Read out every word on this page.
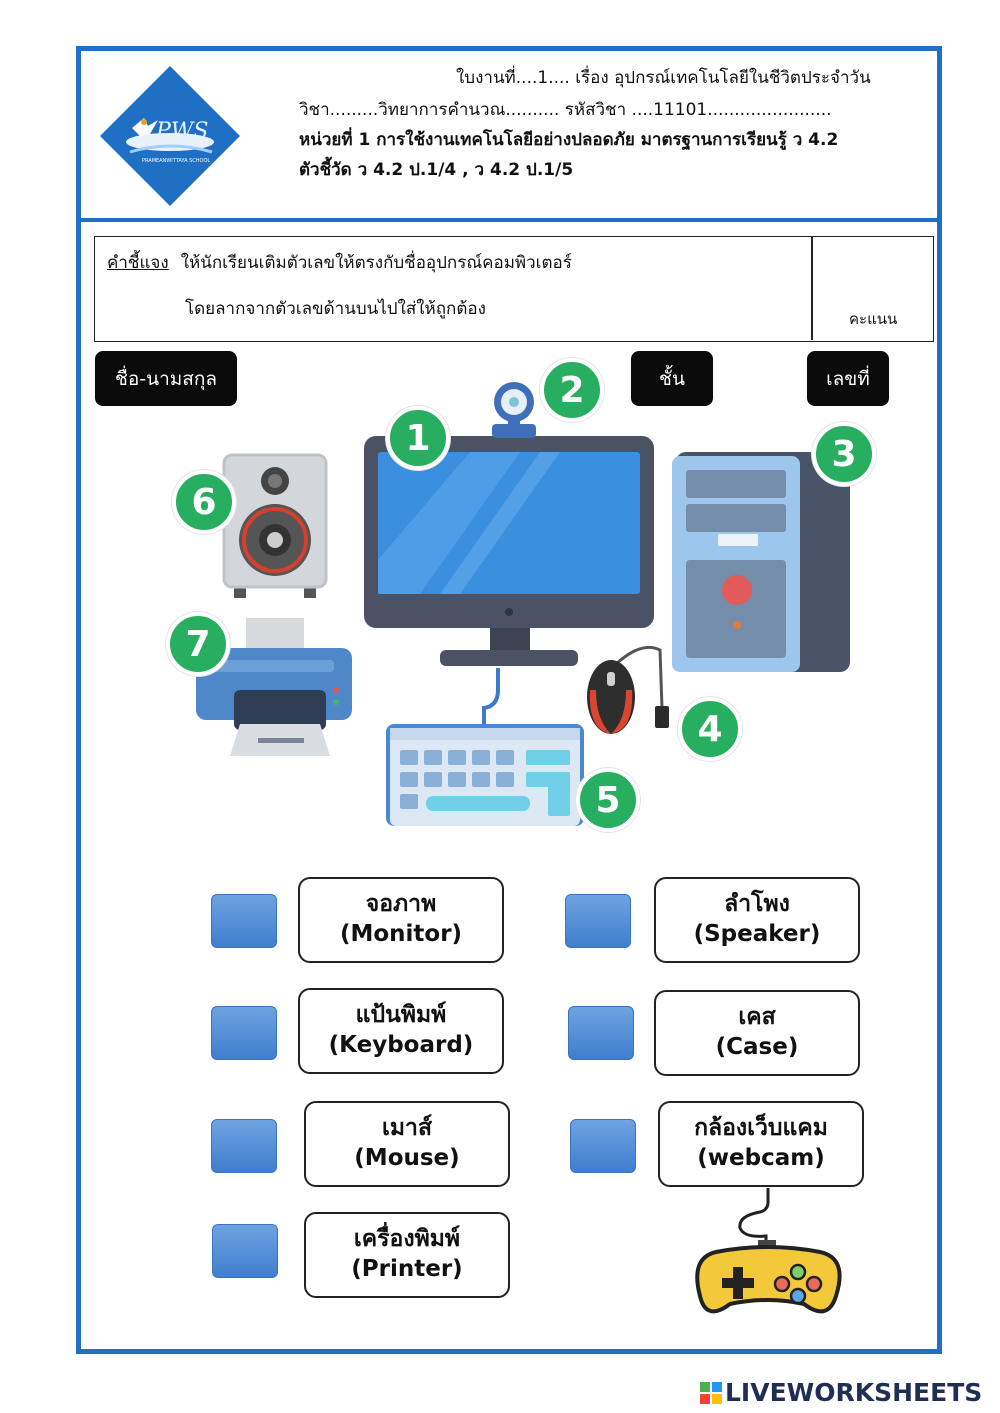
PWS
PRAMEANWITTAYA SCHOOL
ใบงานที่....1.... เรื่อง อุปกรณ์เทคโนโลยีในชีวิตประจำวัน
วิชา.........วิทยาการคำนวณ.......... รหัสวิชา ....11101.......................
หน่วยที่ 1 การใช้งานเทคโนโลยีอย่างปลอดภัย มาตรฐานการเรียนรู้ ว 4.2
ตัวชี้วัด ว 4.2 ป.1/4 , ว 4.2 ป.1/5
คำชี้แจง ให้นักเรียนเติมตัวเลขให้ตรงกับชื่ออุปกรณ์คอมพิวเตอร์
โดยลากจากตัวเลขด้านบนไปใส่ให้ถูกต้อง	คะแนน
ชื่อ-นามสกุล	ชั้น	เลขที่
1
2
3
4
5
6
7
จอภาพ
(Monitor)
ลำโพง
(Speaker)
แป้นพิมพ์
(Keyboard)
เคส
(Case)
เมาส์
(Mouse)
กล้องเว็บแคม
(webcam)
เครื่องพิมพ์
(Printer)
LIVEWORKSHEETS
